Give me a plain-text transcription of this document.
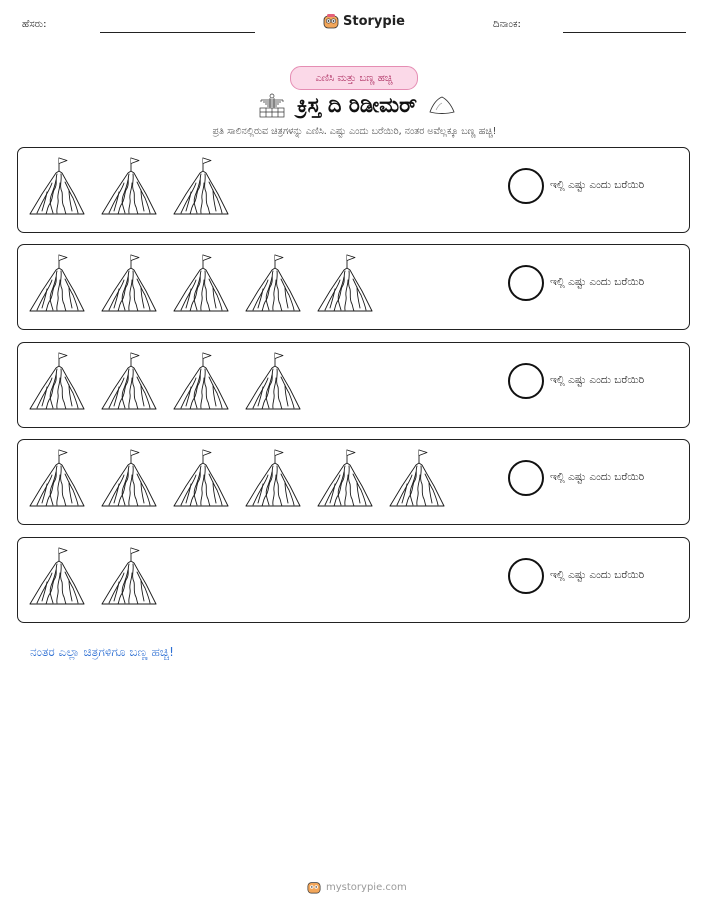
ಹೆಸರು:	Storypie	ದಿನಾಂಕ:
ಎಣಿಸಿ ಮತ್ತು ಬಣ್ಣ ಹಚ್ಚಿ
ಕ್ರಿಸ್ತ ದಿ ರಿಡೀಮರ್
ಪ್ರತಿ ಸಾಲಿನಲ್ಲಿರುವ ಚಿತ್ರಗಳನ್ನು ಎಣಿಸಿ. ಎಷ್ಟು ಎಂದು ಬರೆಯಿರಿ, ನಂತರ ಅವೆಲ್ಲಕ್ಕೂ ಬಣ್ಣ ಹಚ್ಚಿ!
ಇಲ್ಲಿ ಎಷ್ಟು ಎಂದು ಬರೆಯಿರಿ
ಇಲ್ಲಿ ಎಷ್ಟು ಎಂದು ಬರೆಯಿರಿ
ಇಲ್ಲಿ ಎಷ್ಟು ಎಂದು ಬರೆಯಿರಿ
ಇಲ್ಲಿ ಎಷ್ಟು ಎಂದು ಬರೆಯಿರಿ
ಇಲ್ಲಿ ಎಷ್ಟು ಎಂದು ಬರೆಯಿರಿ
ನಂತರ ಎಲ್ಲಾ ಚಿತ್ರಗಳಿಗೂ ಬಣ್ಣ ಹಚ್ಚಿ!
mystorypie.com
